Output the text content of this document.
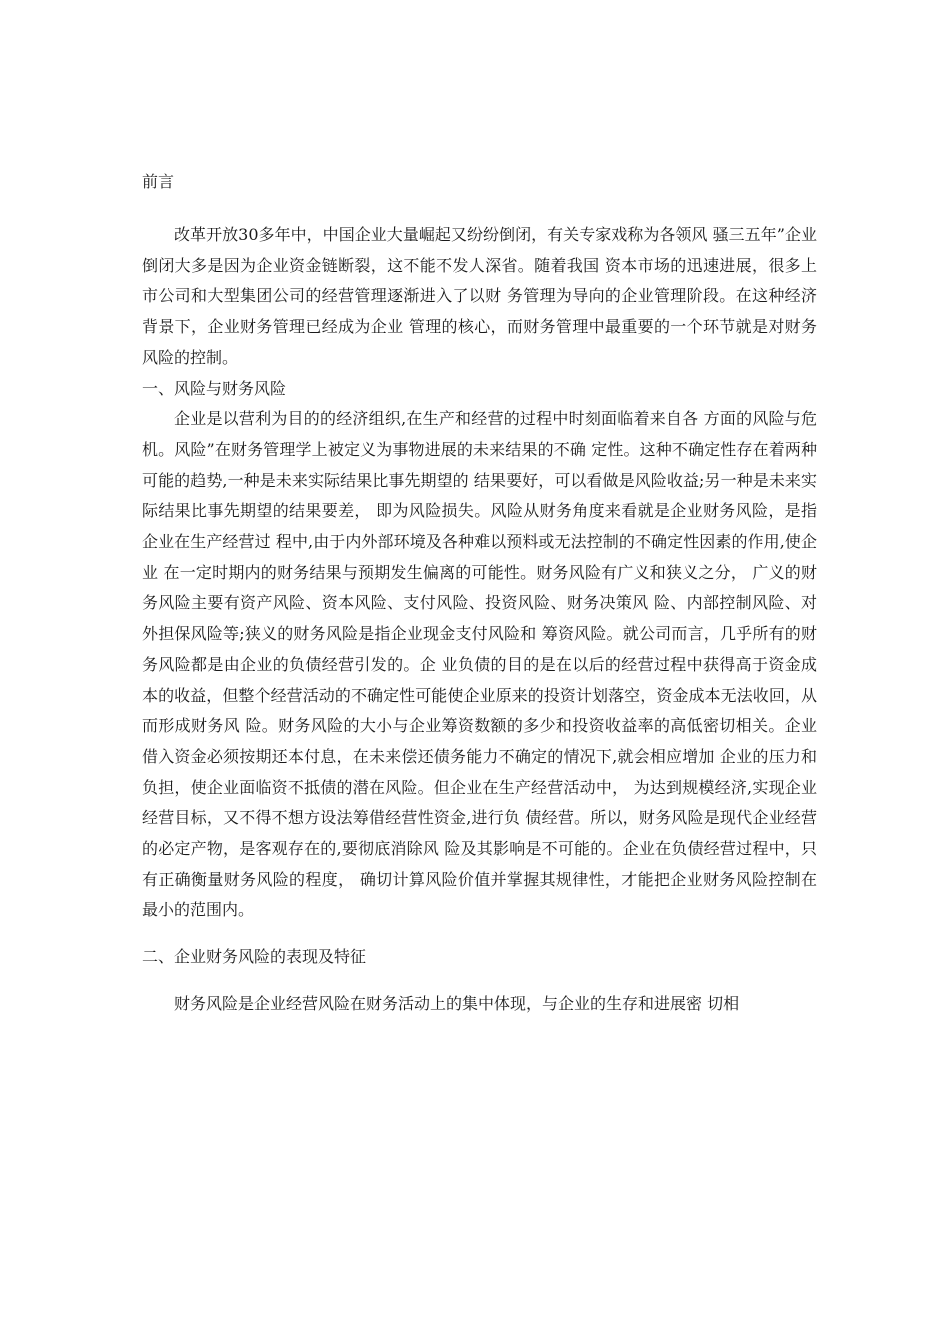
前言

改革开放30多年中，中国企业大量崛起又纷纷倒闭，有关专家戏称为各领风 骚三五年”企业倒闭大多是因为企业资金链断裂，这不能不发人深省。随着我国 资本市场的迅速进展，很多上市公司和大型集团公司的经营管理逐渐进入了以财 务管理为导向的企业管理阶段。在这种经济背景下，企业财务管理已经成为企业 管理的核心，而财务管理中最重要的一个环节就是对财务风险的控制。

一、风险与财务风险

企业是以营利为目的的经济组织,在生产和经营的过程中时刻面临着来自各 方面的风险与危机。风险”在财务管理学上被定义为事物进展的未来结果的不确 定性。这种不确定性存在着两种可能的趋势,一种是未来实际结果比事先期望的 结果要好，可以看做是风险收益;另一种是未来实际结果比事先期望的结果要差， 即为风险损失。风险从财务角度来看就是企业财务风险，是指企业在生产经营过 程中,由于内外部环境及各种难以预料或无法控制的不确定性因素的作用,使企业 在一定时期内的财务结果与预期发生偏离的可能性。财务风险有广义和狭义之分， 广义的财务风险主要有资产风险、资本风险、支付风险、投资风险、财务决策风 险、内部控制风险、对外担保风险等;狭义的财务风险是指企业现金支付风险和 筹资风险。就公司而言，几乎所有的财务风险都是由企业的负债经营引发的。企 业负债的目的是在以后的经营过程中获得高于资金成本的收益，但整个经营活动的不确定性可能使企业原来的投资计划落空，资金成本无法收回，从而形成财务风 险。财务风险的大小与企业筹资数额的多少和投资收益率的高低密切相关。企业 借入资金必须按期还本付息，在未来偿还债务能力不确定的情况下,就会相应增加 企业的压力和负担，使企业面临资不抵债的潜在风险。但企业在生产经营活动中， 为达到规模经济,实现企业经营目标，又不得不想方设法筹借经营性资金,进行负 债经营。所以，财务风险是现代企业经营的必定产物，是客观存在的,要彻底消除风 险及其影响是不可能的。企业在负债经营过程中，只有正确衡量财务风险的程度， 确切计算风险价值并掌握其规律性，才能把企业财务风险控制在最小的范围内。

二、企业财务风险的表现及特征

财务风险是企业经营风险在财务活动上的集中体现，与企业的生存和进展密 切相
